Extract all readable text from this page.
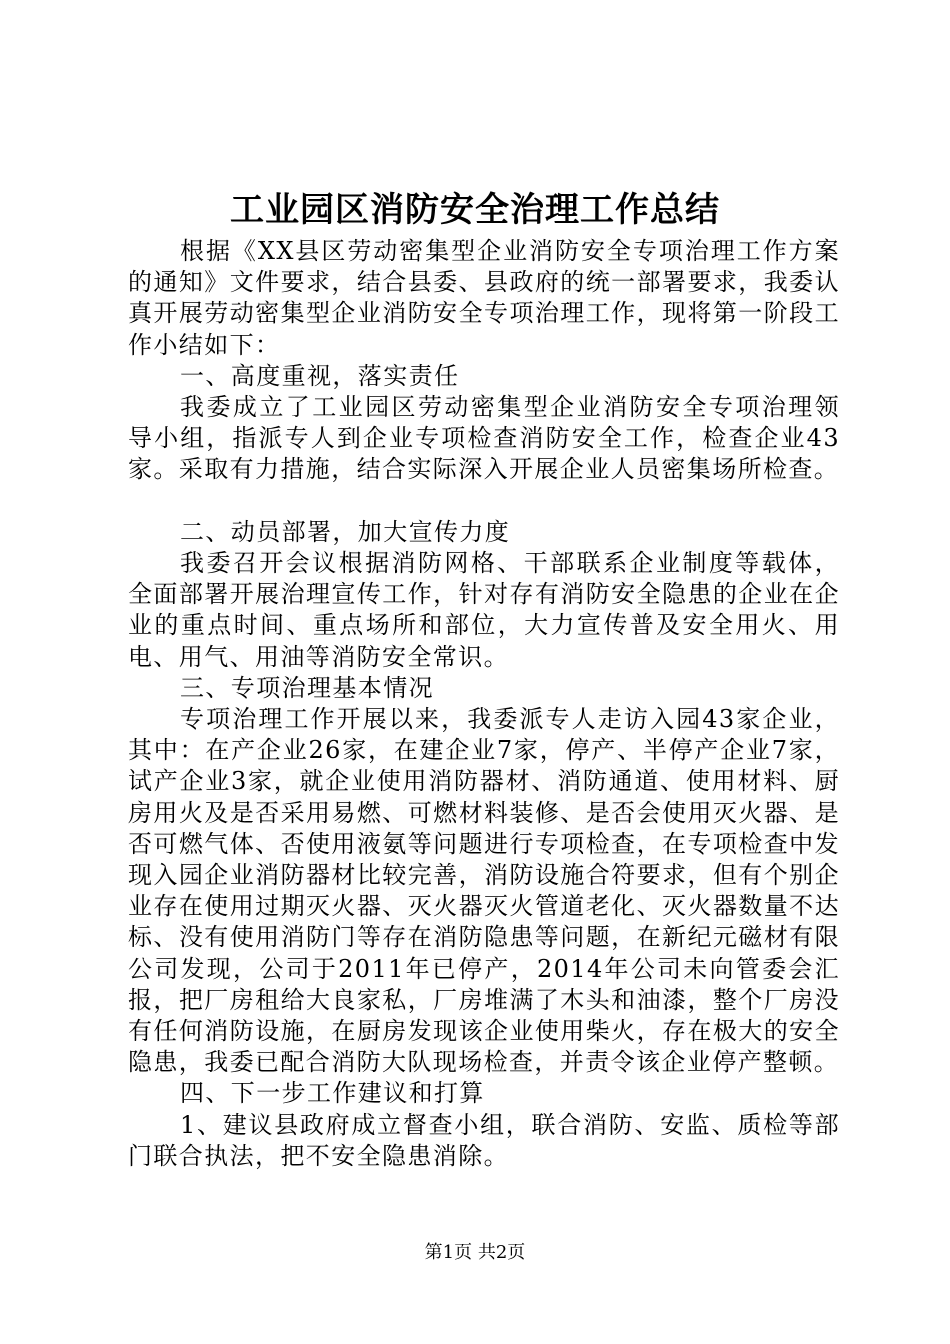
工业园区消防安全治理工作总结

根据《XX县区劳动密集型企业消防安全专项治理工作方案的通知》文件要求，结合县委、县政府的统一部署要求，我委认真开展劳动密集型企业消防安全专项治理工作，现将第一阶段工作小结如下：

一、高度重视，落实责任

我委成立了工业园区劳动密集型企业消防安全专项治理领导小组，指派专人到企业专项检查消防安全工作，检查企业43家。采取有力措施，结合实际深入开展企业人员密集场所检查。

二、动员部署，加大宣传力度

我委召开会议根据消防网格、干部联系企业制度等载体，全面部署开展治理宣传工作，针对存有消防安全隐患的企业在企业的重点时间、重点场所和部位，大力宣传普及安全用火、用电、用气、用油等消防安全常识。

三、专项治理基本情况

专项治理工作开展以来，我委派专人走访入园43家企业，其中：在产企业26家，在建企业7家，停产、半停产企业7家，试产企业3家，就企业使用消防器材、消防通道、使用材料、厨房用火及是否采用易燃、可燃材料装修、是否会使用灭火器、是否可燃气体、否使用液氨等问题进行专项检查，在专项检查中发现入园企业消防器材比较完善，消防设施合符要求，但有个别企业存在使用过期灭火器、灭火器灭火管道老化、灭火器数量不达标、没有使用消防门等存在消防隐患等问题，在新纪元磁材有限公司发现，公司于2011年已停产，2014年公司未向管委会汇报，把厂房租给大良家私，厂房堆满了木头和油漆，整个厂房没有任何消防设施，在厨房发现该企业使用柴火，存在极大的安全隐患，我委已配合消防大队现场检查，并责令该企业停产整顿。

四、下一步工作建议和打算

1、建议县政府成立督查小组，联合消防、安监、质检等部门联合执法，把不安全隐患消除。

第1页 共2页
